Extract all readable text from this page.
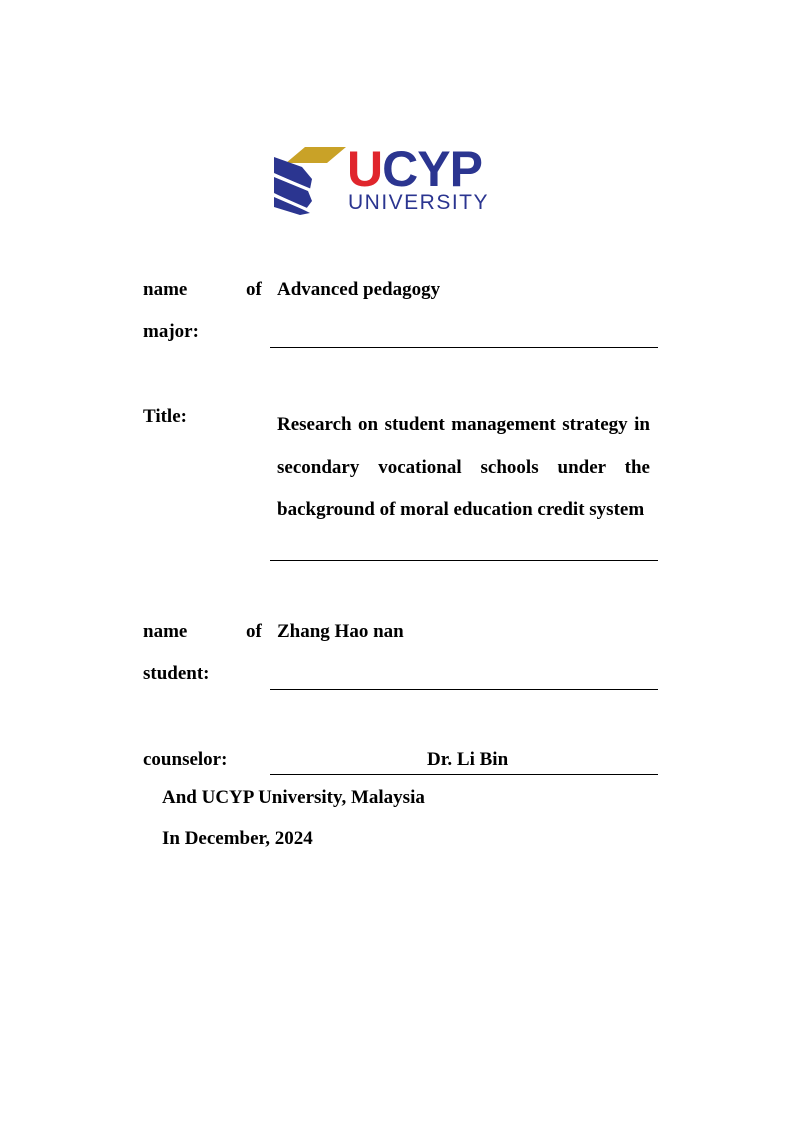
UCYP
UNIVERSITY
name	of
major:
Advanced pedagogy
Title:	Research on student management strategy in secondary vocational schools under the background of moral education credit system
name	of
student:
Zhang Hao nan
counselor:	Dr. Li Bin
And UCYP University, Malaysia
In December, 2024
